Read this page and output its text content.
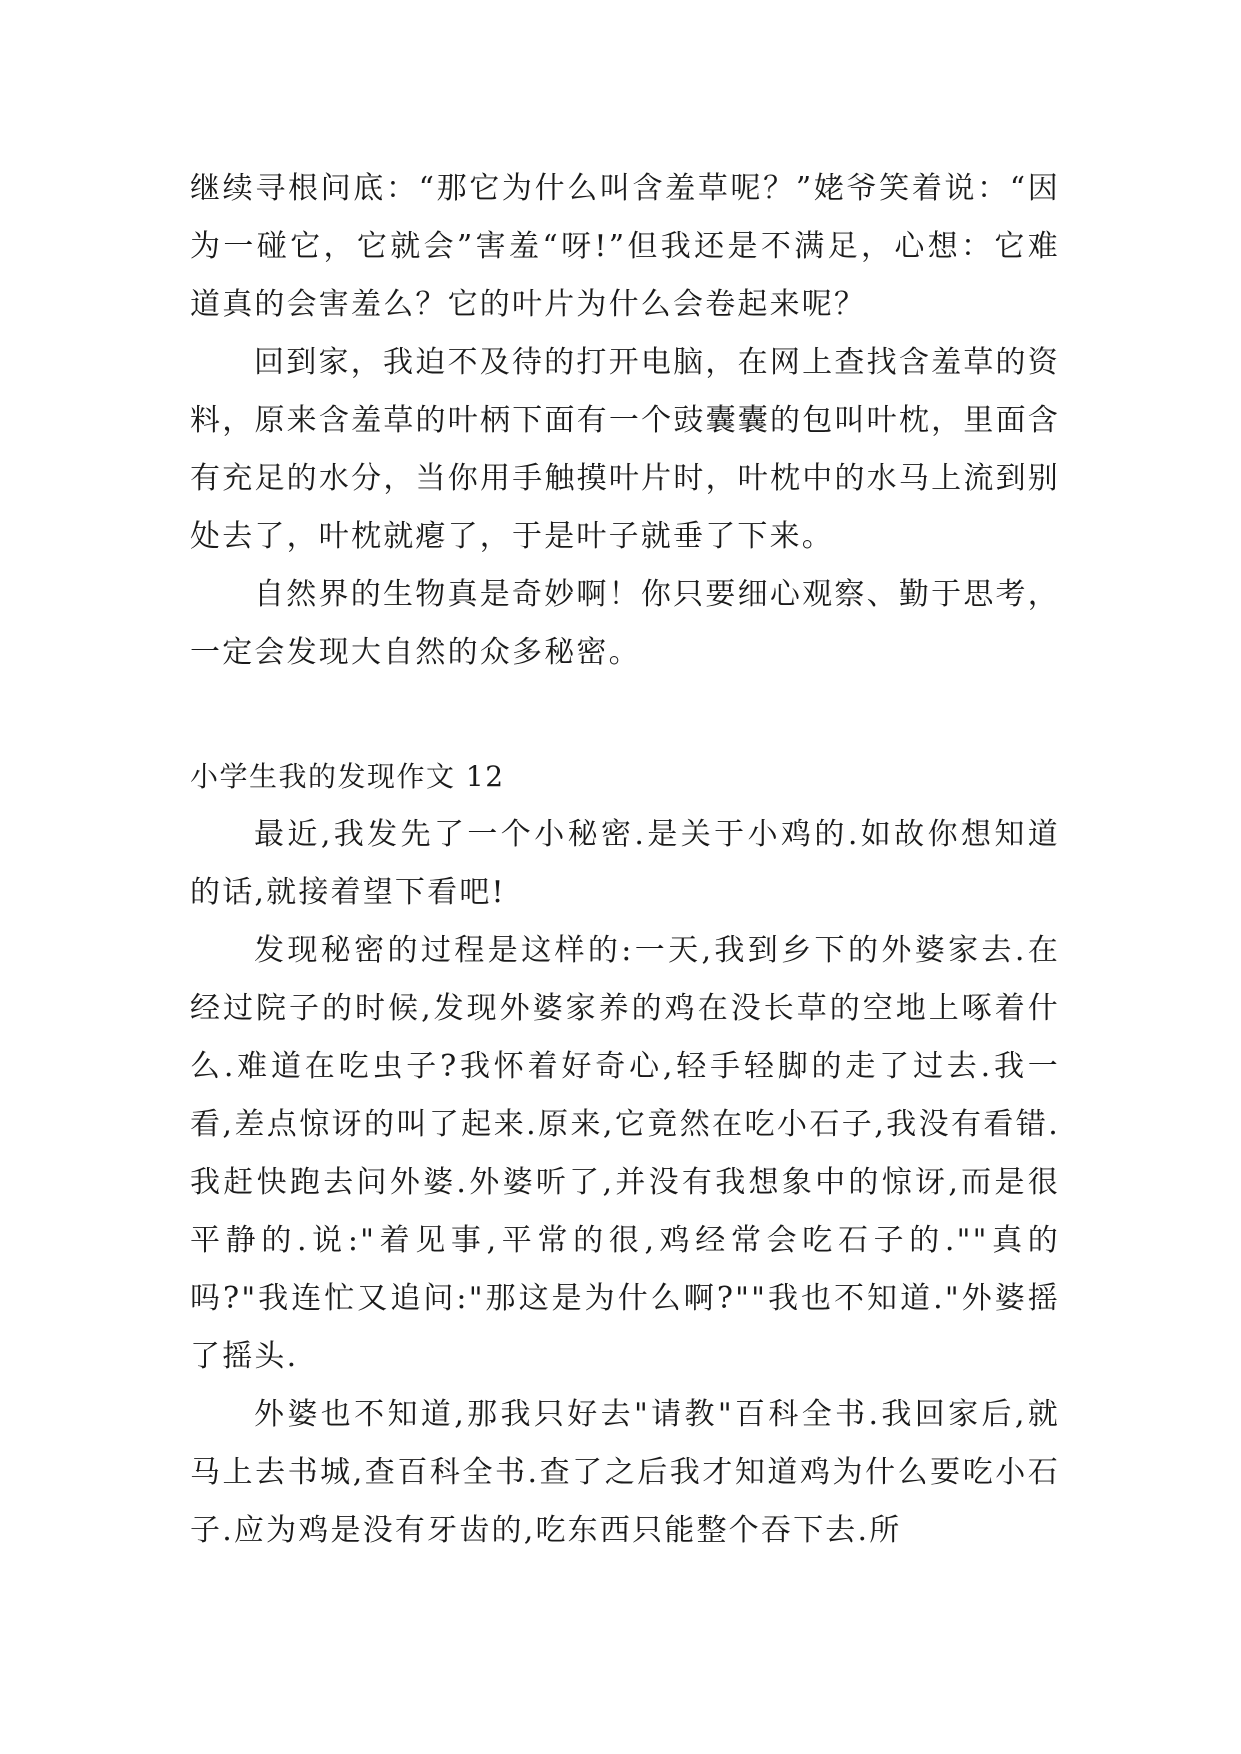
继续寻根问底：“那它为什么叫含羞草呢？”姥爷笑着说：“因为一碰它，它就会”害羞“呀!”但我还是不满足，心想：它难道真的会害羞么？它的叶片为什么会卷起来呢？

回到家，我迫不及待的打开电脑，在网上查找含羞草的资料，原来含羞草的叶柄下面有一个豉囊囊的包叫叶枕，里面含有充足的水分，当你用手触摸叶片时，叶枕中的水马上流到别处去了，叶枕就瘪了，于是叶子就垂了下来。

自然界的生物真是奇妙啊！你只要细心观察、勤于思考，一定会发现大自然的众多秘密。

小学生我的发现作文 12

最近,我发先了一个小秘密.是关于小鸡的.如故你想知道的话,就接着望下看吧!

发现秘密的过程是这样的:一天,我到乡下的外婆家去.在经过院子的时候,发现外婆家养的鸡在没长草的空地上啄着什么.难道在吃虫子?我怀着好奇心,轻手轻脚的走了过去.我一看,差点惊讶的叫了起来.原来,它竟然在吃小石子,我没有看错.我赶快跑去问外婆.外婆听了,并没有我想象中的惊讶,而是很平静的.说:"着见事,平常的很,鸡经常会吃石子的.""真的吗?"我连忙又追问:"那这是为什么啊?""我也不知道."外婆摇了摇头.

外婆也不知道,那我只好去"请教"百科全书.我回家后,就马上去书城,查百科全书.查了之后我才知道鸡为什么要吃小石子.应为鸡是没有牙齿的,吃东西只能整个吞下去.所
